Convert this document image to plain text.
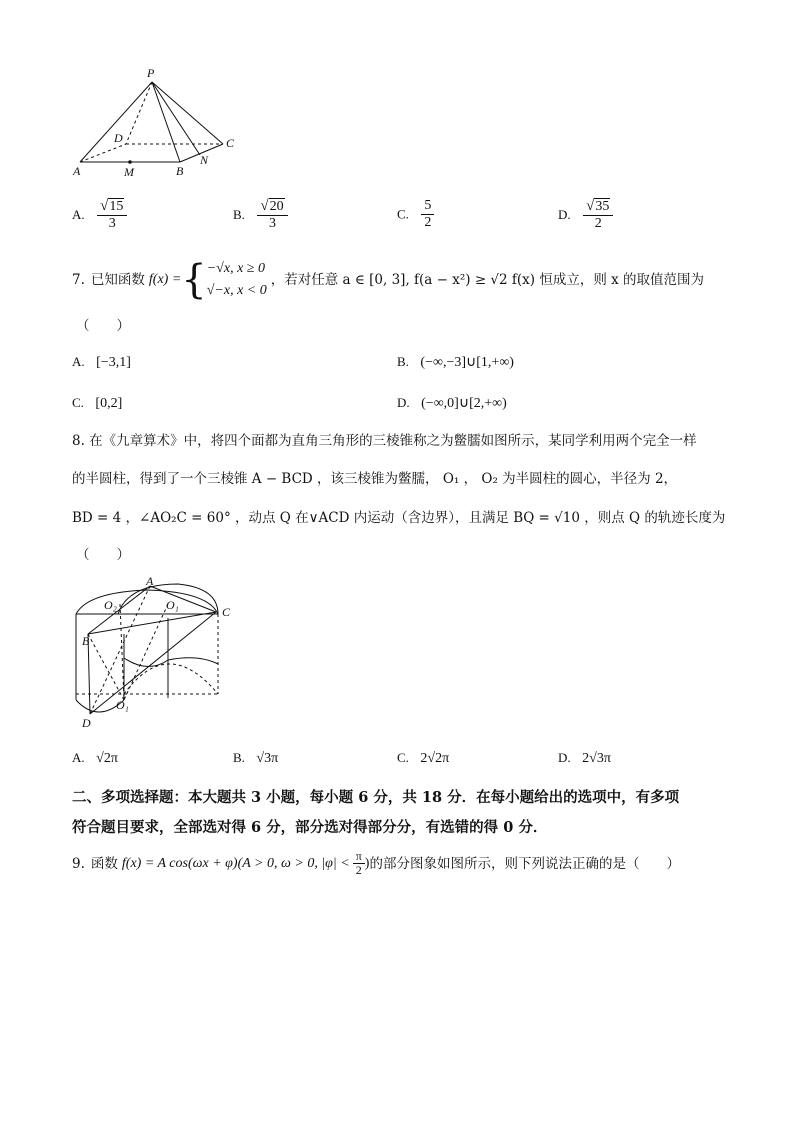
P
D	C
A	M	B
N
A. $\frac{√15}{3}$	B. $\frac{√20}{3}$	C. $\frac{5}{2}$	D. $\frac{√35}{2}$
7. 已知函数 f(x) = { −√x, x ≥ 0
√−x, x < 0
，若对任意 a ∈ [0, 3], f(a − x²) ≥ √2 f(x) 恒成立，则 x 的取值范围为
（　　）
A. [−3,1]	B. (−∞,−3]∪[1,+∞)
C. [0,2]	D. (−∞,0]∪[2,+∞)
8. 在《九章算术》中，将四个面都为直角三角形的三棱锥称之为鳖臑如图所示，某同学利用两个完全一样
的半圆柱，得到了一个三棱锥 A − BCD ，该三棱锥为鳖臑， O₁ ， O₂ 为半圆柱的圆心，半径为 2，
BD = 4 ，∠AO₂C = 60° ，动点 Q 在∨ACD 内运动（含边界），且满足 BQ = √10 ，则点 Q 的轨迹长度为
（　　）
A
O₂	O₁	C
B
O₁
D
A. √2π	B. √3π	C. 2√2π	D. 2√3π
二、多项选择题：本大题共 3 小题，每小题 6 分，共 18 分．在每小题给出的选项中，有多项
符合题目要求，全部选对得 6 分，部分选对得部分分，有选错的得 0 分．
9. 函数 f(x) = A cos(ωx + φ)(A > 0, ω > 0, $|\varphi| < \frac{\pi}{2}$ ) 的部分图象如图所示，则下列说法正确的是（　　）
